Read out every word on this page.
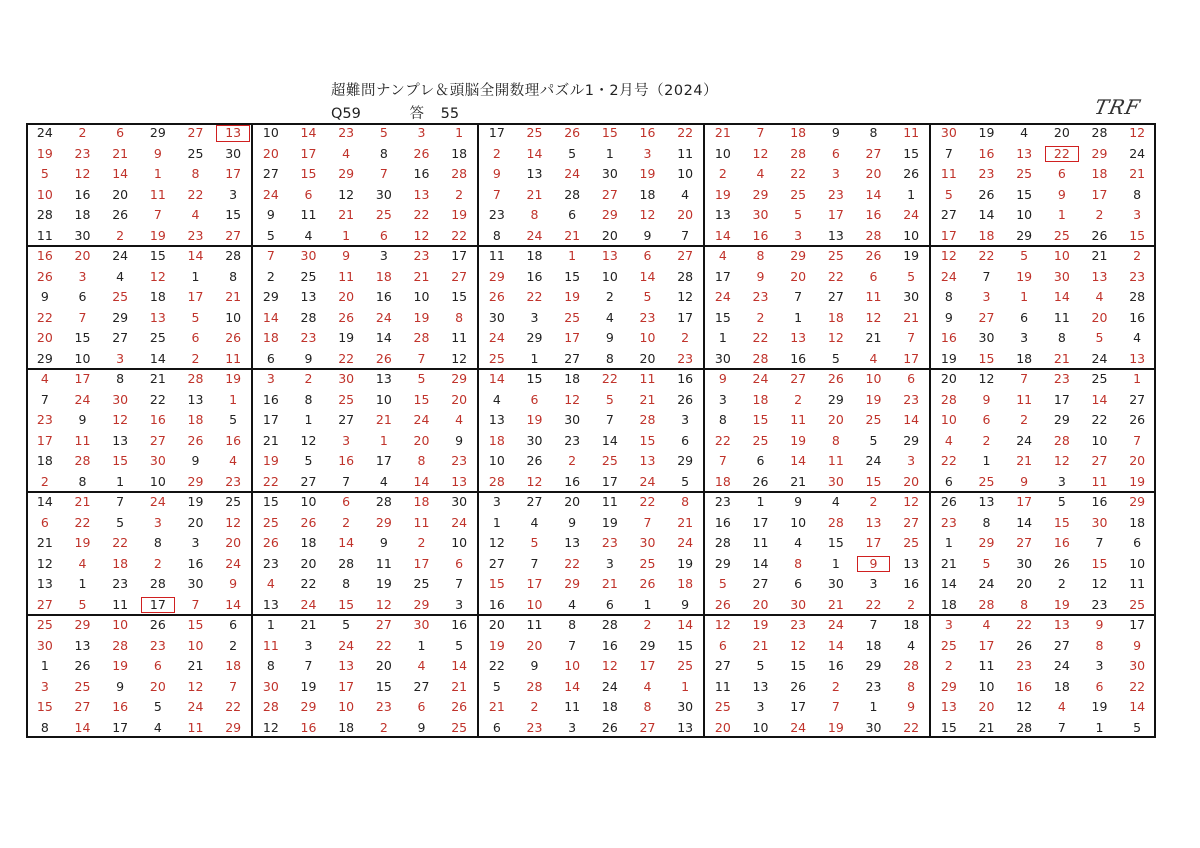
超難問ナンプレ＆頭脳全開数理パズル1・2月号（2024）
Q59	答 55	TRF
24	2	6	29	27	13	10	14	23	5	3	1	17	25	26	15	16	22	21	7	18	9	8	11	30	19	4	20	28	12
19	23	21	9	25	30	20	17	4	8	26	18	2	14	5	1	3	11	10	12	28	6	27	15	7	16	13	22	29	24
5	12	14	1	8	17	27	15	29	7	16	28	9	13	24	30	19	10	2	4	22	3	20	26	11	23	25	6	18	21
10	16	20	11	22	3	24	6	12	30	13	2	7	21	28	27	18	4	19	29	25	23	14	1	5	26	15	9	17	8
28	18	26	7	4	15	9	11	21	25	22	19	23	8	6	29	12	20	13	30	5	17	16	24	27	14	10	1	2	3
11	30	2	19	23	27	5	4	1	6	12	22	8	24	21	20	9	7	14	16	3	13	28	10	17	18	29	25	26	15
16	20	24	15	14	28	7	30	9	3	23	17	11	18	1	13	6	27	4	8	29	25	26	19	12	22	5	10	21	2
26	3	4	12	1	8	2	25	11	18	21	27	29	16	15	10	14	28	17	9	20	22	6	5	24	7	19	30	13	23
9	6	25	18	17	21	29	13	20	16	10	15	26	22	19	2	5	12	24	23	7	27	11	30	8	3	1	14	4	28
22	7	29	13	5	10	14	28	26	24	19	8	30	3	25	4	23	17	15	2	1	18	12	21	9	27	6	11	20	16
20	15	27	25	6	26	18	23	19	14	28	11	24	29	17	9	10	2	1	22	13	12	21	7	16	30	3	8	5	4
29	10	3	14	2	11	6	9	22	26	7	12	25	1	27	8	20	23	30	28	16	5	4	17	19	15	18	21	24	13
4	17	8	21	28	19	3	2	30	13	5	29	14	15	18	22	11	16	9	24	27	26	10	6	20	12	7	23	25	1
7	24	30	22	13	1	16	8	25	10	15	20	4	6	12	5	21	26	3	18	2	29	19	23	28	9	11	17	14	27
23	9	12	16	18	5	17	1	27	21	24	4	13	19	30	7	28	3	8	15	11	20	25	14	10	6	2	29	22	26
17	11	13	27	26	16	21	12	3	1	20	9	18	30	23	14	15	6	22	25	19	8	5	29	4	2	24	28	10	7
18	28	15	30	9	4	19	5	16	17	8	23	10	26	2	25	13	29	7	6	14	11	24	3	22	1	21	12	27	20
2	8	1	10	29	23	22	27	7	4	14	13	28	12	16	17	24	5	18	26	21	30	15	20	6	25	9	3	11	19
14	21	7	24	19	25	15	10	6	28	18	30	3	27	20	11	22	8	23	1	9	4	2	12	26	13	17	5	16	29
6	22	5	3	20	12	25	26	2	29	11	24	1	4	9	19	7	21	16	17	10	28	13	27	23	8	14	15	30	18
21	19	22	8	3	20	26	18	14	9	2	10	12	5	13	23	30	24	28	11	4	15	17	25	1	29	27	16	7	6
12	4	18	2	16	24	23	20	28	11	17	6	27	7	22	3	25	19	29	14	8	1	9	13	21	5	30	26	15	10
13	1	23	28	30	9	4	22	8	19	25	7	15	17	29	21	26	18	5	27	6	30	3	16	14	24	20	2	12	11
27	5	11	17	7	14	13	24	15	12	29	3	16	10	4	6	1	9	26	20	30	21	22	2	18	28	8	19	23	25
25	29	10	26	15	6	1	21	5	27	30	16	20	11	8	28	2	14	12	19	23	24	7	18	3	4	22	13	9	17
30	13	28	23	10	2	11	3	24	22	1	5	19	20	7	16	29	15	6	21	12	14	18	4	25	17	26	27	8	9
1	26	19	6	21	18	8	7	13	20	4	14	22	9	10	12	17	25	27	5	15	16	29	28	2	11	23	24	3	30
3	25	9	20	12	7	30	19	17	15	27	21	5	28	14	24	4	1	11	13	26	2	23	8	29	10	16	18	6	22
15	27	16	5	24	22	28	29	10	23	6	26	21	2	11	18	8	30	25	3	17	7	1	9	13	20	12	4	19	14
8	14	17	4	11	29	12	16	18	2	9	25	6	23	3	26	27	13	20	10	24	19	30	22	15	21	28	7	1	5
